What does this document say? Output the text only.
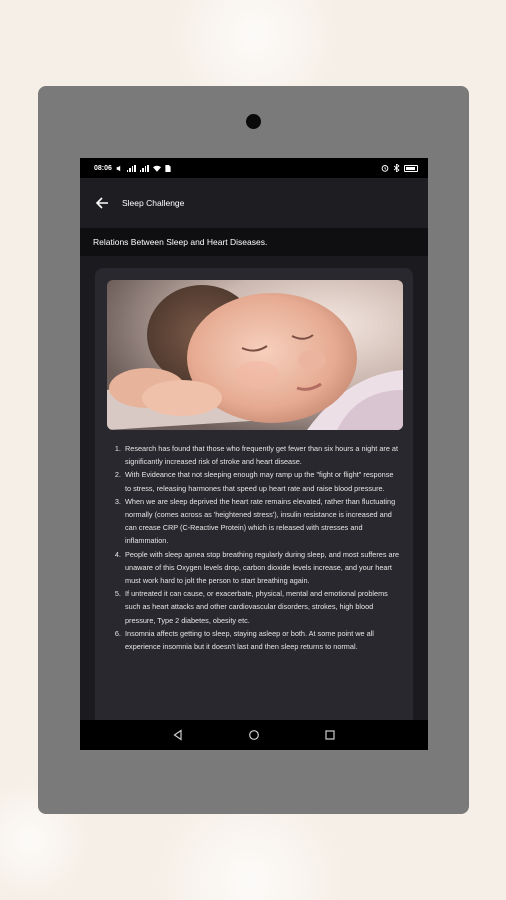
08:06
Sleep Challenge
Relations Between Sleep and Heart Diseases.
1. Research has found that those who frequently get fewer than six hours a night are at significantly increased risk of stroke and heart disease.
2. With Evideance that not sleeping enough may ramp up the "fight or flight" response to stress, releasing harmones that speed up heart rate and raise blood pressure.
3. When we are sleep deprived the heart rate remains elevated, rather than fluctuating normally (comes across as 'heightened stress'), insulin resistance is increased and can crease CRP (C-Reactive Protein) which is released with stresses and inflammation.
4. People with sleep apnea stop breathing regularly during sleep, and most sufferes are unaware of this Oxygen levels drop, carbon dioxide levels increase, and your heart must work hard to jolt the person to start breathing again.
5. If untreated it can cause, or exacerbate, physical, mental and emotional problems such as heart attacks and other cardiovascular disorders, strokes, high blood pressure, Type 2 diabetes, obesity etc.
6. Insomnia affects getting to sleep, staying asleep or both. At some point we all experience insomnia but it doesn't last and then sleep returns to normal.
